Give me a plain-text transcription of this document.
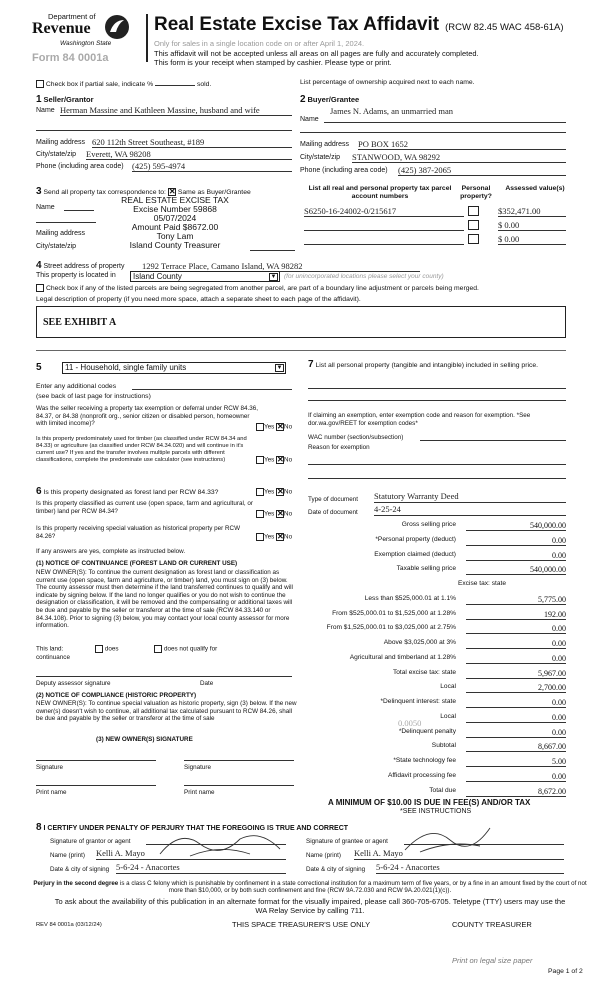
Department of
Revenue
Washington State
Form 84 0001a
Real Estate Excise Tax Affidavit (RCW 82.45 WAC 458-61A)
Only for sales in a single location code on or after April 1, 2024.
This affidavit will not be accepted unless all areas on all pages are fully and accurately completed.
This form is your receipt when stamped by cashier. Please type or print.
Check box if partial sale, indicate %	sold.	List percentage of ownership acquired next to each name.
1 Seller/Grantor
Name Herman Massine and Kathleen Massine, husband and wife
Mailing address 620 112th Street Southeast, #189
City/state/zip Everett, WA 98208
Phone (including area code) (425) 595-4974
2 Buyer/Grantee
James N. Adams, an unmarried man
Name
Mailing address PO BOX 1652
City/state/zip STANWOOD, WA 98292
Phone (including area code) (425) 387-2065
3 Send all property tax correspondence to: ✕ Same as Buyer/Grantee
Name
Mailing address
City/state/zip
REAL ESTATE EXCISE TAX
Excise Number 59868
05/07/2024
Amount Paid $8672.00
Tony Lam
Island County Treasurer
List all real and personal property tax parcel account numbers
Personal property?
Assessed value(s)
S6250-16-24002-0/215617	$352,471.00
$ 0.00
$ 0.00
4 Street address of property 1292 Terrace Place, Camano Island, WA 98282
This property is located in	Island County	▼ (for unincorporated locations please select your county)
Check box if any of the listed parcels are being segregated from another parcel, are part of a boundary line adjustment or parcels being merged.
Legal description of property (if you need more space, attach a separate sheet to each page of the affidavit).
SEE EXHIBIT A
5	11 - Household, single family units	▼
Enter any additional codes
(see back of last page for instructions)
Was the seller receiving a property tax exemption or deferral under RCW 84.36, 84.37, or 84.38 (nonprofit org., senior citizen or disabled person, homeowner with limited income)?	Yes ✕ No
Is this property predominately used for timber (as classified under RCW 84.34 and 84.33) or agriculture (as classified under RCW 84.34.020) and will continue in it's current use? If yes and the transfer involves multiple parcels with different classifications, complete the predominate use calculator (see instructions)	Yes ✕ No
6 Is this property designated as forest land per RCW 84.33?	Yes ✕ No
Is this property classified as current use (open space, farm and agricultural, or timber) land per RCW 84.34?	Yes ✕ No
Is this property receiving special valuation as historical property per RCW 84.26?	Yes ✕ No
If any answers are yes, complete as instructed below.
(1) NOTICE OF CONTINUANCE (FOREST LAND OR CURRENT USE)
NEW OWNER(S): To continue the current designation as forest land or classification as current use (open space, farm and agriculture, or timber) land, you must sign on (3) below. The county assessor must then determine if the land transferred continues to qualify and will indicate by signing below. If the land no longer qualifies or you do not wish to continue the designation or classification, it will be removed and the compensating or additional taxes will be due and payable by the seller or transferor at the time of sale (RCW 84.33.140 or 84.34.108). Prior to signing (3) below, you may contact your local county assessor for more information.
This land:	does	does not qualify for
continuance
Deputy assessor signature	Date
(2) NOTICE OF COMPLIANCE (HISTORIC PROPERTY)
NEW OWNER(S): To continue special valuation as historic property, sign (3) below. If the new owner(s) doesn't wish to continue, all additional tax calculated pursuant to RCW 84.26, shall be due and payable by the seller or transferor at the time of sale
(3) NEW OWNER(S) SIGNATURE
Signature	Signature
Print name	Print name
7 List all personal property (tangible and intangible) included in selling price.
If claiming an exemption, enter exemption code and reason for exemption. *See dor.wa.gov/REET for exemption codes*
WAC number (section/subsection)
Reason for exemption
Type of document Statutory Warranty Deed
Date of document 4-25-24
Gross selling price	540,000.00
*Personal property (deduct)	0.00
Exemption claimed (deduct)	0.00
Taxable selling price	540,000.00
Excise tax: state
Less than $525,000.01 at 1.1%	5,775.00
From $525,000.01 to $1,525,000 at 1.28%	192.00
From $1,525,000.01 to $3,025,000 at 2.75%	0.00
Above $3,025,000 at 3%	0.00
Agricultural and timberland at 1.28%	0.00
Total excise tax: state	5,967.00
Local	2,700.00
*Delinquent interest: state	0.00
Local	0.00
*Delinquent penalty	0.00
Subtotal	8,667.00
*State technology fee	5.00
Affidavit processing fee	0.00
Total due	8,672.00
0.0050
A MINIMUM OF $10.00 IS DUE IN FEE(S) AND/OR TAX
*SEE INSTRUCTIONS
8 I CERTIFY UNDER PENALTY OF PERJURY THAT THE FOREGOING IS TRUE AND CORRECT
Signature of grantor or agent
Name (print) Kelli A. Mayo
Date & city of signing 5-6-24 - Anacortes
Signature of grantee or agent
Name (print) Kelli A. Mayo
Date & city of signing 5-6-24 - Anacortes
Perjury in the second degree is a class C felony which is punishable by confinement in a state correctional institution for a maximum term of five years, or by a fine in an amount fixed by the court of not more than $10,000, or by both such confinement and fine (RCW 9A.72.030 and RCW 9A.20.021(1)(c)).
To ask about the availability of this publication in an alternate format for the visually impaired, please call 360-705-6705. Teletype (TTY) users may use the WA Relay Service by calling 711.
REV 84 0001a (03/12/24)	THIS SPACE TREASURER'S USE ONLY	COUNTY TREASURER
Print on legal size paper
Page 1 of 2
